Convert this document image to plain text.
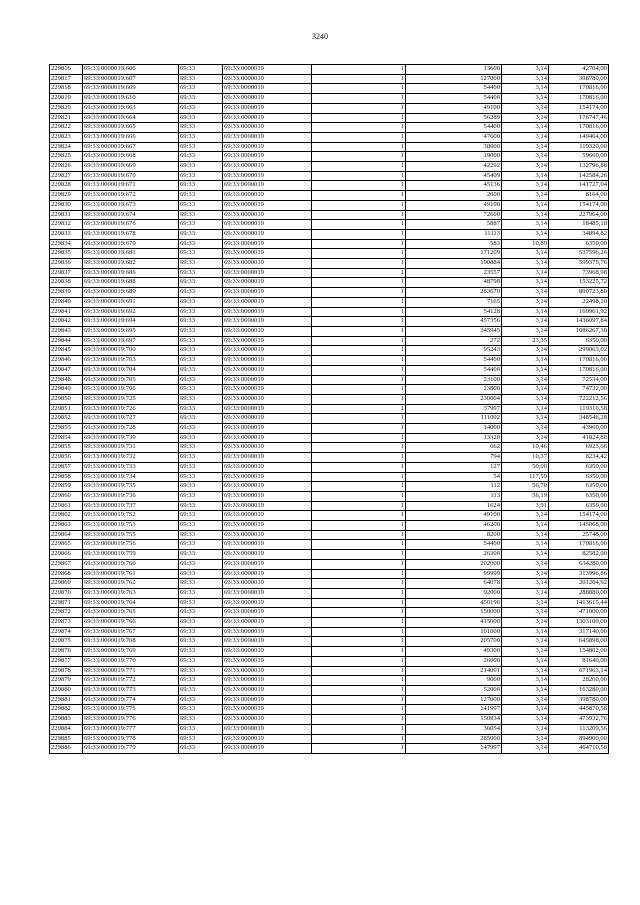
3240
229816	69:33:0000019:606	69:33	69:33:0000019	1	13600	3,14	42704,00
229817	69:33:0000019:607	69:33	69:33:0000019	1	127000	3,14	398780,00
229818	69:33:0000019:609	69:33	69:33:0000019	1	54400	3,14	170816,00
229819	69:33:0000019:610	69:33	69:33:0000019	1	54400	3,14	170816,00
229820	69:33:0000019:663	69:33	69:33:0000019	1	49100	3,14	154174,00
229821	69:33:0000019:664	69:33	69:33:0000019	1	56289	3,14	176747,46
229822	69:33:0000019:665	69:33	69:33:0000019	1	54400	3,14	170816,00
229823	69:33:0000019:666	69:33	69:33:0000019	1	47600	3,14	149464,00
229824	69:33:0000019:667	69:33	69:33:0000019	1	38000	3,14	119320,00
229825	69:33:0000019:668	69:33	69:33:0000019	1	19000	3,14	59660,00
229826	69:33:0000019:669	69:33	69:33:0000019	1	42292	3,14	132796,88
229827	69:33:0000019:670	69:33	69:33:0000019	1	45409	3,14	142584,26
229828	69:33:0000019:671	69:33	69:33:0000019	1	45136	3,14	141727,04
229829	69:33:0000019:672	69:33	69:33:0000019	1	2600	3,14	8164,00
229830	69:33:0000019:673	69:33	69:33:0000019	1	49100	3,14	154174,00
229831	69:33:0000019:674	69:33	69:33:0000019	1	72600	3,14	227964,00
229832	69:33:0000019:676	69:33	69:33:0000019	1	5887	3,14	18485,18
229833	69:33:0000019:678	69:33	69:33:0000019	1	11113	3,14	34894,82
229834	69:33:0000019:679	69:33	69:33:0000019	1	583	10,89	6350,00
229835	69:33:0000019:681	69:33	69:33:0000019	1	171209	3,14	537596,26
229836	69:33:0000019:682	69:33	69:33:0000019	1	190884	3,14	599375,76
229837	69:33:0000019:686	69:33	69:33:0000019	1	23557	3,14	73968,98
229838	69:33:0000019:688	69:33	69:33:0000019	1	48798	3,14	153225,72
229839	69:33:0000019:689	69:33	69:33:0000019	1	283670	3,14	890723,80
229840	69:33:0000019:691	69:33	69:33:0000019	1	7165	3,14	22498,10
229841	69:33:0000019:692	69:33	69:33:0000019	1	54128	3,14	169961,92
229842	69:33:0000019:694	69:33	69:33:0000019	1	457356	3,14	1436097,84
229843	69:33:0000019:695	69:33	69:33:0000019	1	345945	3,14	1086267,30
229844	69:33:0000019:697	69:33	69:33:0000019	1	272	23,35	6350,00
229845	69:33:0000019:700	69:33	69:33:0000019	1	95243	3,14	299063,02
229846	69:33:0000019:703	69:33	69:33:0000019	1	54400	3,14	170816,00
229847	69:33:0000019:704	69:33	69:33:0000019	1	54400	3,14	170816,00
229848	69:33:0000019:705	69:33	69:33:0000019	1	23100	3,14	72534,00
229849	69:33:0000019:706	69:33	69:33:0000019	1	23800	3,14	74732,00
229850	69:33:0000019:725	69:33	69:33:0000019	1	230004	3,14	722212,56
229851	69:33:0000019:726	69:33	69:33:0000019	1	37997	3,14	119310,58
229852	69:33:0000019:727	69:33	69:33:0000019	1	111002	3,14	348546,28
229853	69:33:0000019:728	69:33	69:33:0000019	1	14000	3,14	43960,00
229854	69:33:0000019:730	69:33	69:33:0000019	1	13320	3,14	41824,80
229855	69:33:0000019:731	69:33	69:33:0000019	1	662	10,46	6923,66
229856	69:33:0000019:732	69:33	69:33:0000019	1	794	10,37	8234,42
229857	69:33:0000019:733	69:33	69:33:0000019	1	127	50,00	6350,00
229858	69:33:0000019:734	69:33	69:33:0000019	1	54	117,59	6350,00
229859	69:33:0000019:735	69:33	69:33:0000019	1	112	56,70	6350,00
229860	69:33:0000019:736	69:33	69:33:0000019	1	113	56,19	6350,00
229861	69:33:0000019:737	69:33	69:33:0000019	1	1624	3,91	6350,00
229862	69:33:0000019:752	69:33	69:33:0000019	1	49100	3,14	154174,00
229863	69:33:0000019:753	69:33	69:33:0000019	1	46200	3,14	145068,00
229864	69:33:0000019:755	69:33	69:33:0000019	1	8200	3,14	25748,00
229865	69:33:0000019:756	69:33	69:33:0000019	1	54400	3,14	170816,00
229866	69:33:0000019:759	69:33	69:33:0000019	1	26300	3,14	82582,00
229867	69:33:0000019:760	69:33	69:33:0000019	1	202000	3,14	634280,00
229868	69:33:0000019:761	69:33	69:33:0000019	1	99999	3,14	313996,86
229869	69:33:0000019:762	69:33	69:33:0000019	1	64078	3,14	201204,92
229870	69:33:0000019:763	69:33	69:33:0000019	1	92000	3,14	288880,00
229871	69:33:0000019:764	69:33	69:33:0000019	1	450196	3,14	1413615,44
229872	69:33:0000019:765	69:33	69:33:0000019	1	150000	3,14	471000,00
229873	69:33:0000019:766	69:33	69:33:0000019	1	415000	3,14	1303100,00
229874	69:33:0000019:767	69:33	69:33:0000019	1	101000	3,14	317140,00
229875	69:33:0000019:768	69:33	69:33:0000019	1	205700	3,14	645898,00
229876	69:33:0000019:769	69:33	69:33:0000019	1	49300	3,14	154802,00
229877	69:33:0000019:770	69:33	69:33:0000019	1	26000	3,14	81640,00
229878	69:33:0000019:771	69:33	69:33:0000019	1	214001	3,14	671963,14
229879	69:33:0000019:772	69:33	69:33:0000019	1	9000	3,14	28260,00
229880	69:33:0000019:773	69:33	69:33:0000019	1	52000	3,14	163280,00
229881	69:33:0000019:774	69:33	69:33:0000019	1	127000	3,14	398780,00
229882	69:33:0000019:775	69:33	69:33:0000019	1	141997	3,14	445870,58
229883	69:33:0000019:776	69:33	69:33:0000019	1	150934	3,14	473932,76
229884	69:33:0000019:777	69:33	69:33:0000019	1	36054	3,14	113209,56
229885	69:33:0000019:778	69:33	69:33:0000019	1	285000	3,14	894900,00
229886	69:33:0000019:779	69:33	69:33:0000019	1	147997	3,14	464710,58
